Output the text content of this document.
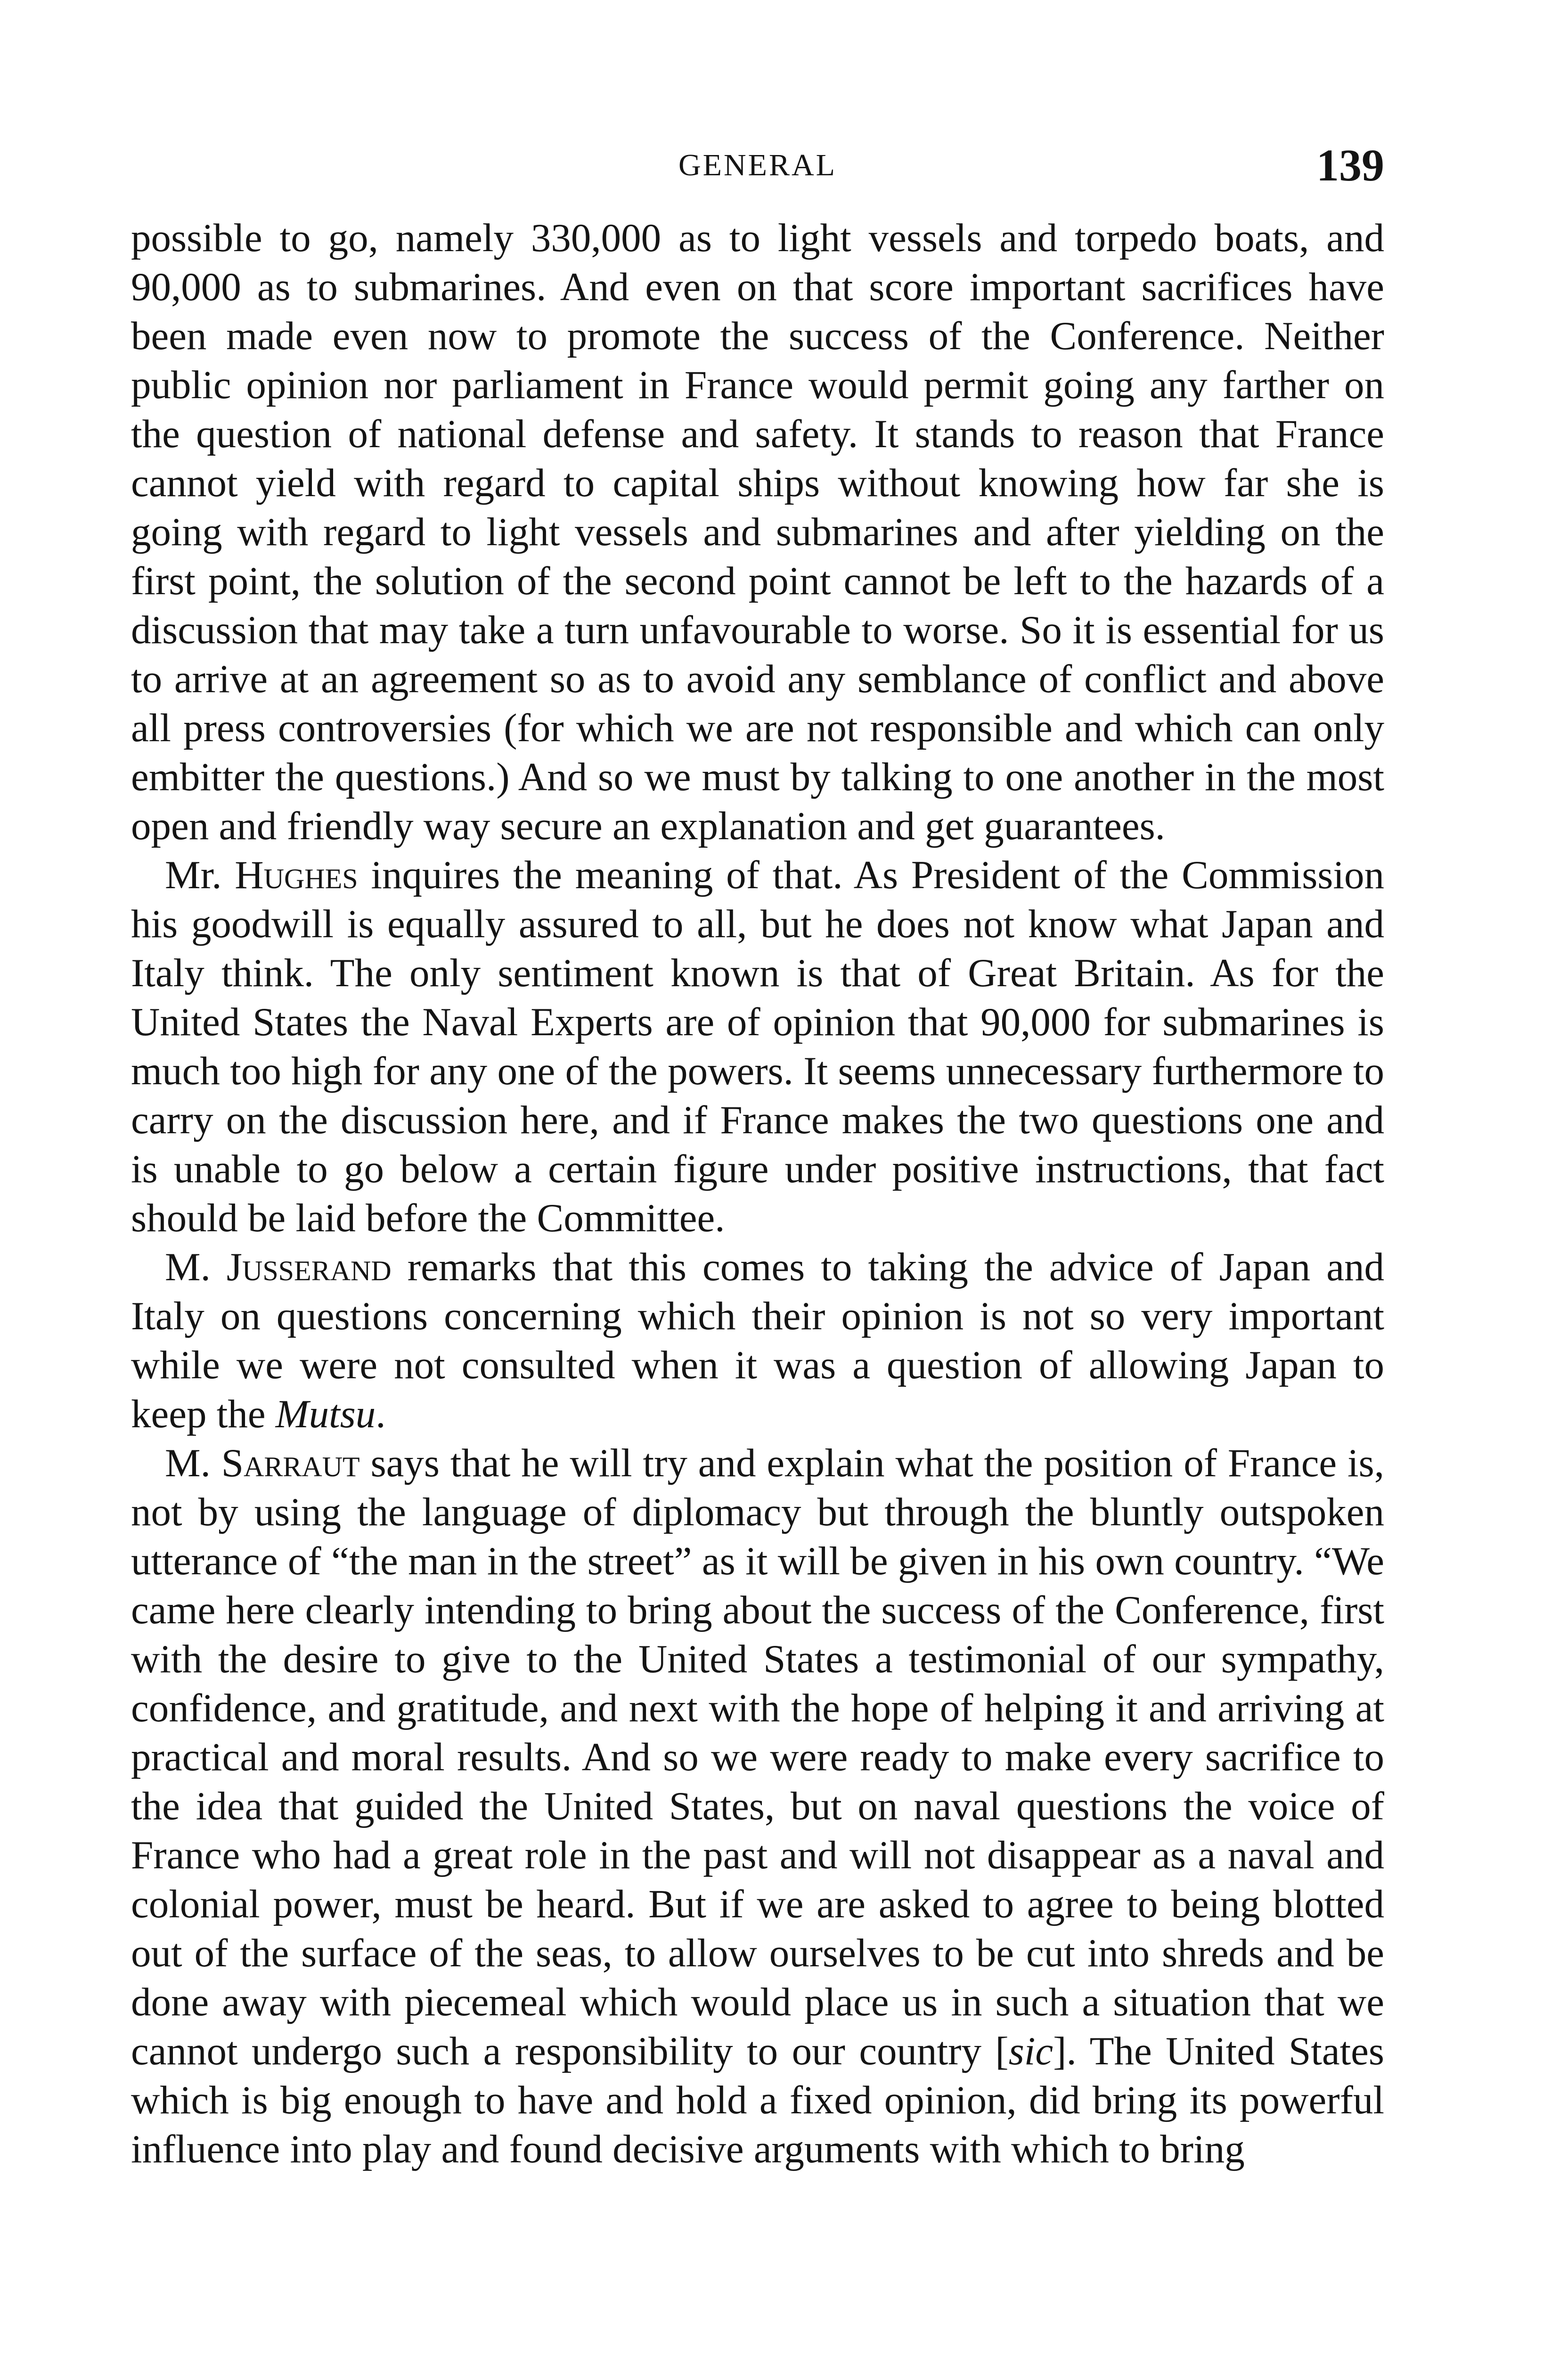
GENERAL	139

possible to go, namely 330,000 as to light vessels and torpedo boats, and 90,000 as to submarines. And even on that score important sacrifices have been made even now to promote the success of the Conference. Neither public opinion nor parliament in France would permit going any farther on the question of national defense and safety. It stands to reason that France cannot yield with regard to capital ships without knowing how far she is going with regard to light vessels and submarines and after yielding on the first point, the solution of the second point cannot be left to the hazards of a discussion that may take a turn unfavourable to worse. So it is essential for us to arrive at an agreement so as to avoid any semblance of conflict and above all press controversies (for which we are not responsible and which can only embitter the questions.) And so we must by talking to one another in the most open and friendly way secure an explanation and get guarantees.

Mr. Hughes inquires the meaning of that. As President of the Commission his goodwill is equally assured to all, but he does not know what Japan and Italy think. The only sentiment known is that of Great Britain. As for the United States the Naval Experts are of opinion that 90,000 for submarines is much too high for any one of the powers. It seems unnecessary furthermore to carry on the discussion here, and if France makes the two questions one and is unable to go below a certain figure under positive instructions, that fact should be laid before the Committee.

M. Jusserand remarks that this comes to taking the advice of Japan and Italy on questions concerning which their opinion is not so very important while we were not consulted when it was a question of allowing Japan to keep the Mutsu.

M. Sarraut says that he will try and explain what the position of France is, not by using the language of diplomacy but through the bluntly outspoken utterance of “the man in the street” as it will be given in his own country. “We came here clearly intending to bring about the success of the Conference, first with the desire to give to the United States a testimonial of our sympathy, confidence, and gratitude, and next with the hope of helping it and arriving at practical and moral results. And so we were ready to make every sacrifice to the idea that guided the United States, but on naval questions the voice of France who had a great role in the past and will not disappear as a naval and colonial power, must be heard. But if we are asked to agree to being blotted out of the surface of the seas, to allow ourselves to be cut into shreds and be done away with piecemeal which would place us in such a situation that we cannot undergo such a responsibility to our country [sic]. The United States which is big enough to have and hold a fixed opinion, did bring its powerful influence into play and found decisive arguments with which to bring
